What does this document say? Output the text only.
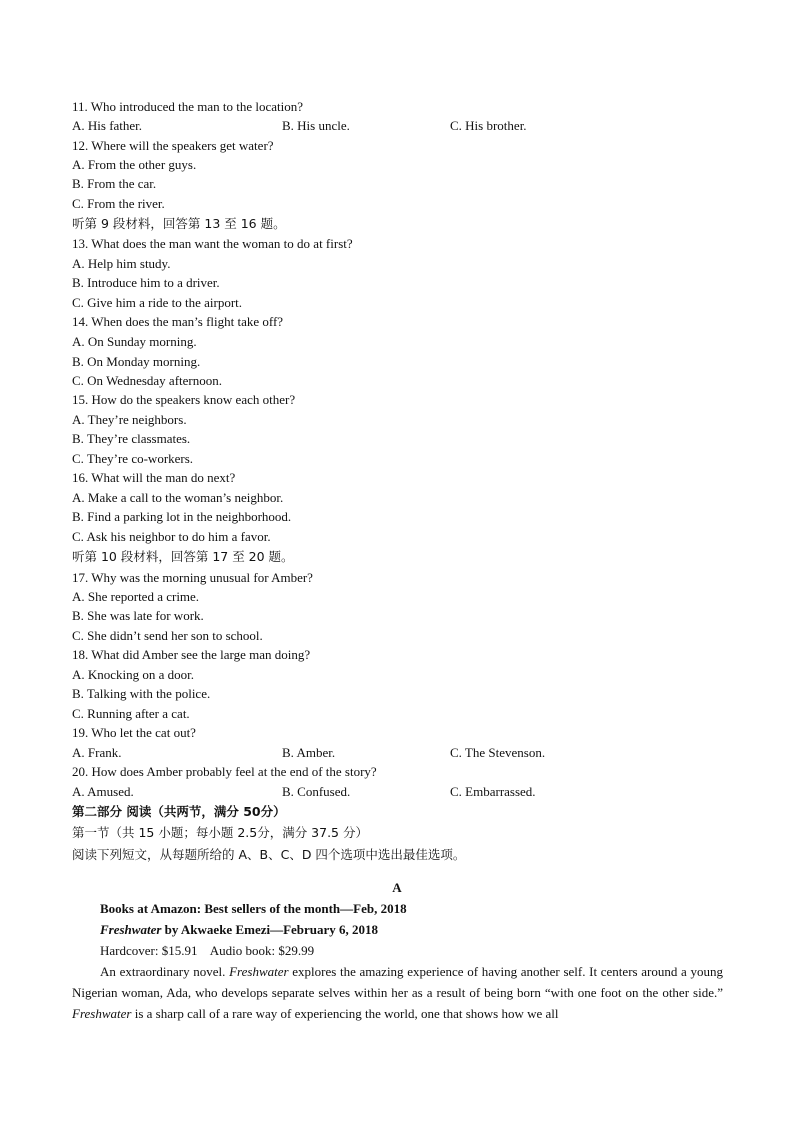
11. Who introduced the man to the location?
A. His father.	B. His uncle.	C. His brother.
12. Where will the speakers get water?
A. From the other guys.
B. From the car.
C. From the river.
听第 9 段材料，回答第 13 至 16 题。
13. What does the man want the woman to do at first?
A. Help him study.
B. Introduce him to a driver.
C. Give him a ride to the airport.
14. When does the man’s flight take off?
A. On Sunday morning.
B. On Monday morning.
C. On Wednesday afternoon.
15. How do the speakers know each other?
A. They’re neighbors.
B. They’re classmates.
C. They’re co-workers.
16. What will the man do next?
A. Make a call to the woman’s neighbor.
B. Find a parking lot in the neighborhood.
C. Ask his neighbor to do him a favor.
听第 10 段材料，回答第 17 至 20 题。
17. Why was the morning unusual for Amber?
A. She reported a crime.
B. She was late for work.
C. She didn’t send her son to school.
18. What did Amber see the large man doing?
A. Knocking on a door.
B. Talking with the police.
C. Running after a cat.
19. Who let the cat out?
A. Frank.	B. Amber.	C. The Stevenson.
20. How does Amber probably feel at the end of the story?
A. Amused.	B. Confused.	C. Embarrassed.
第二部分 阅读（共两节，满分 50分）
第一节（共 15 小题；每小题 2.5分，满分 37.5 分）
阅读下列短文，从每题所给的 A、B、C、D 四个选项中选出最佳选项。
A
Books at Amazon: Best sellers of the month—Feb, 2018
Freshwater by Akwaeke Emezi—February 6, 2018
Hardcover: $15.91    Audio book: $29.99

An extraordinary novel. Freshwater explores the amazing experience of having another self. It centers around a young Nigerian woman, Ada, who develops separate selves within her as a result of being born “with one foot on the other side.” Freshwater is a sharp call of a rare way of experiencing the world, one that shows how we all
